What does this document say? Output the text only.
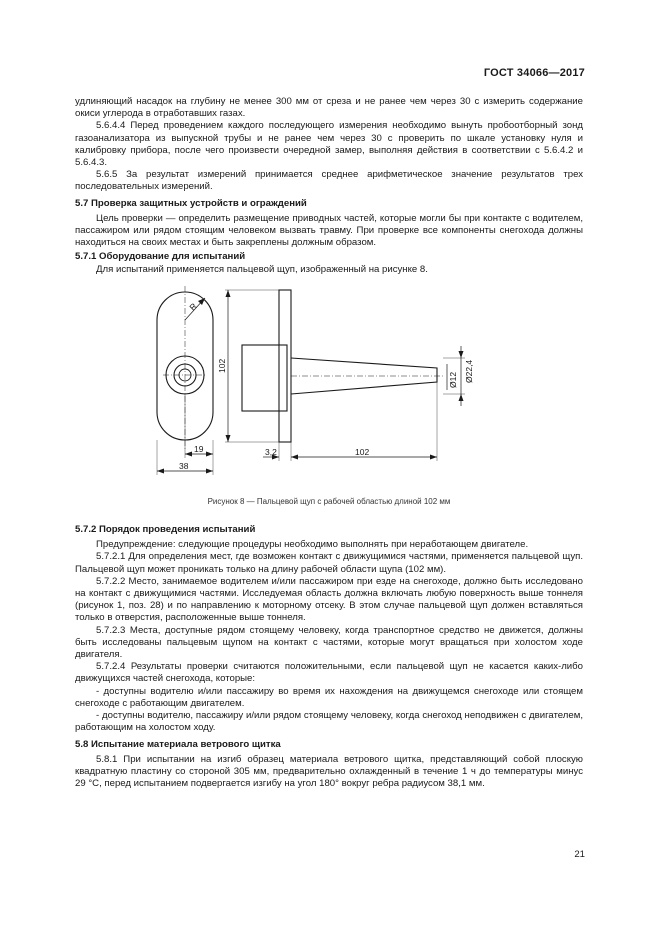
ГОСТ 34066—2017

удлиняющий насадок на глубину не менее 300 мм от среза и не ранее чем через 30 с измерить содержание окиси углерода в отработавших газах.

5.6.4.4 Перед проведением каждого последующего измерения необходимо вынуть пробоотборный зонд газоанализатора из выпускной трубы и не ранее чем через 30 с проверить по шкале установку нуля и калибровку прибора, после чего произвести очередной замер, выполняя действия в соответствии с 5.6.4.2 и 5.6.4.3.

5.6.5 За результат измерений принимается среднее арифметическое значение результатов трех последовательных измерений.

5.7 Проверка защитных устройств и ограждений

Цель проверки — определить размещение приводных частей, которые могли бы при контакте с водителем, пассажиром или рядом стоящим человеком вызвать травму. При проверке все компоненты снегохода должны находиться на своих местах и быть закреплены должным образом.

5.7.1 Оборудование для испытаний

Для испытаний применяется пальцевой щуп, изображенный на рисунке 8.

R
102
19
38
3,2	102
Ø12 Ø22,4

Рисунок 8 — Пальцевой щуп с рабочей областью длиной 102 мм

5.7.2 Порядок проведения испытаний

Предупреждение: следующие процедуры необходимо выполнять при неработающем двигателе.

5.7.2.1 Для определения мест, где возможен контакт с движущимися частями, применяется пальцевой щуп. Пальцевой щуп может проникать только на длину рабочей области щупа (102 мм).

5.7.2.2 Место, занимаемое водителем и/или пассажиром при езде на снегоходе, должно быть исследовано на контакт с движущимися частями. Исследуемая область должна включать любую поверхность выше тоннеля (рисунок 1, поз. 28) и по направлению к моторному отсеку. В этом случае пальцевой щуп должен вставляться только в отверстия, расположенные выше тоннеля.

5.7.2.3 Места, доступные рядом стоящему человеку, когда транспортное средство не движется, должны быть исследованы пальцевым щупом на контакт с частями, которые могут вращаться при холостом ходе двигателя.

5.7.2.4 Результаты проверки считаются положительными, если пальцевой щуп не касается каких-либо движущихся частей снегохода, которые:

- доступны водителю и/или пассажиру во время их нахождения на движущемся снегоходе или стоящем снегоходе с работающим двигателем.

- доступны водителю, пассажиру и/или рядом стоящему человеку, когда снегоход неподвижен с двигателем, работающим на холостом ходу.

5.8 Испытание материала ветрового щитка

5.8.1 При испытании на изгиб образец материала ветрового щитка, представляющий собой плоскую квадратную пластину со стороной 305 мм, предварительно охлажденный в течение 1 ч до температуры минус 29 °C, перед испытанием подвергается изгибу на угол 180° вокруг ребра радиусом 38,1 мм.

21
